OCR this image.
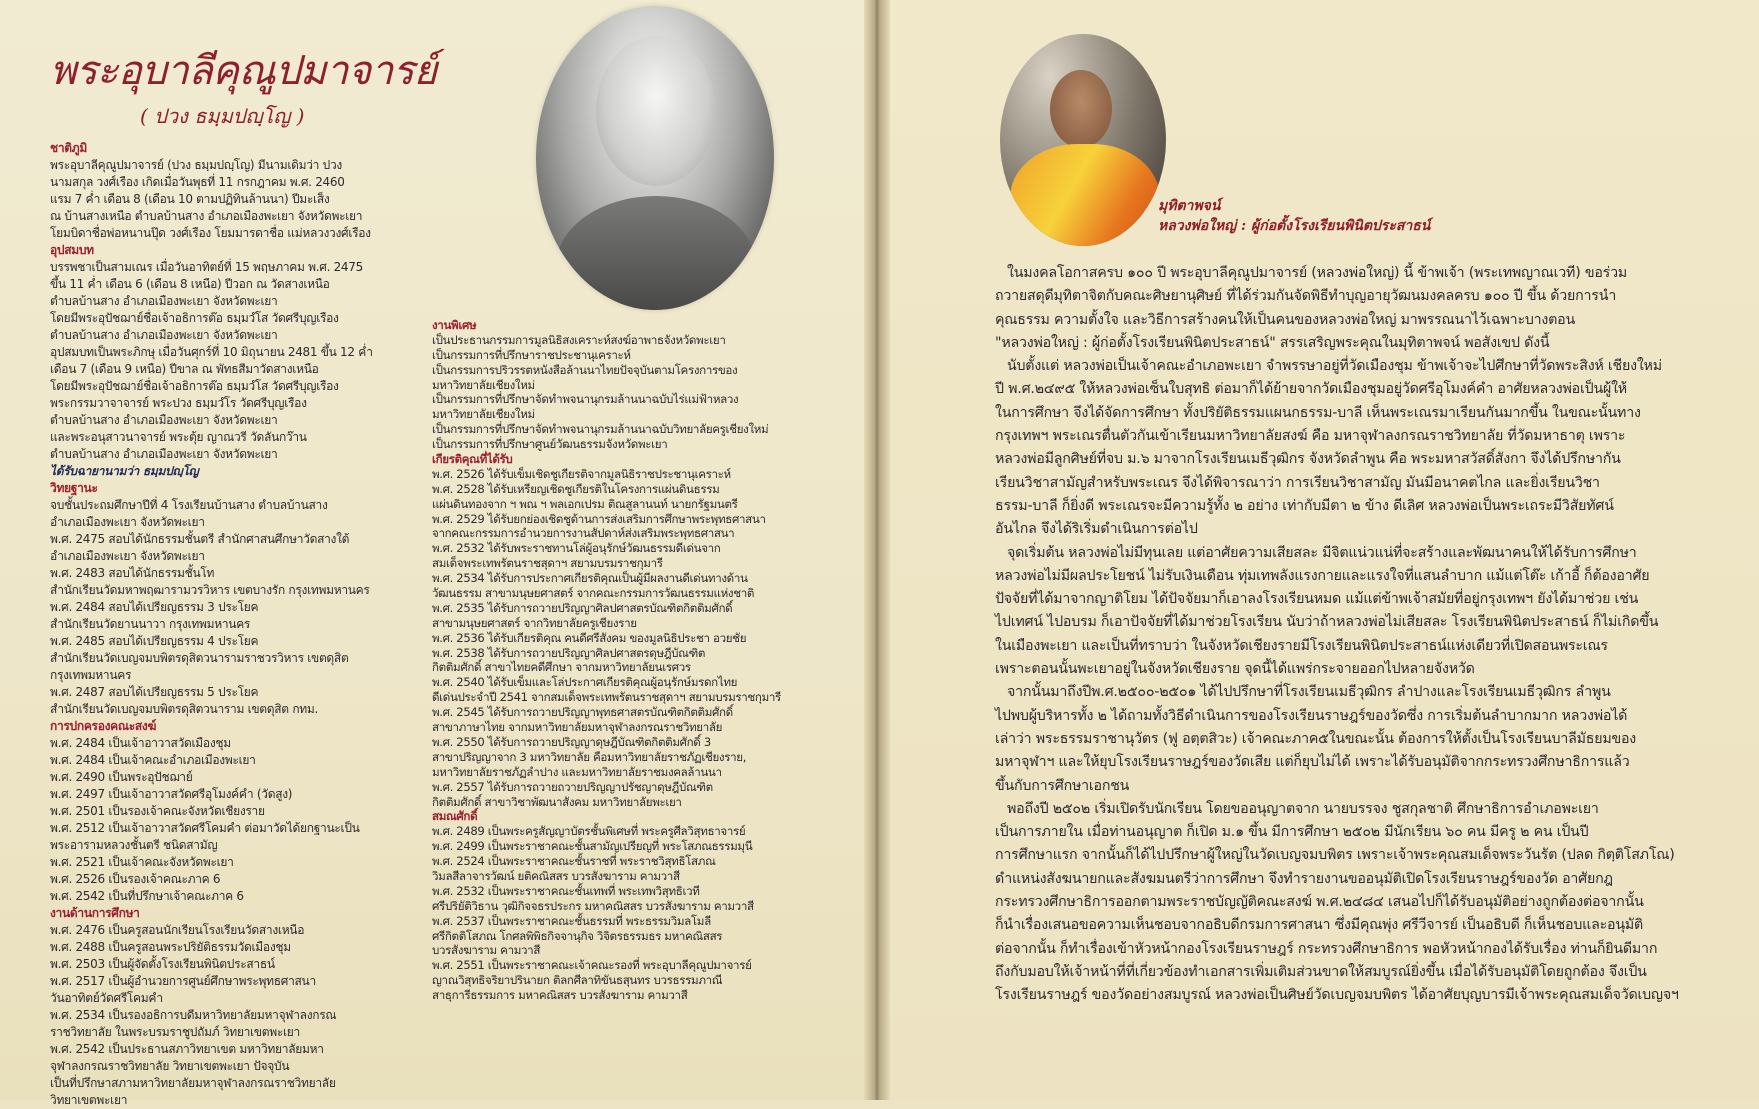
พระอุบาลีคุณูปมาจารย์
( ปวง ธมฺมปญฺโญ )
ชาติภูมิ
พระอุบาลีคุณูปมาจารย์ (ปวง ธมฺมปญฺโญ) มีนามเดิมว่า ปวง
นามสกุล วงศ์เรือง เกิดเมื่อวันพุธที่ 11 กรกฎาคม พ.ศ. 2460
แรม 7 ค่ำ เดือน 8 (เดือน 10 ตามปฏิทินล้านนา) ปีมะเส็ง
ณ บ้านสางเหนือ ตำบลบ้านสาง อำเภอเมืองพะเยา จังหวัดพะเยา
โยมบิดาชื่อพ่อหนานปุ๊ด วงศ์เรือง โยมมารดาชื่อ แม่หลวงวงศ์เรือง
อุปสมบท
บรรพชาเป็นสามเณร เมื่อวันอาทิตย์ที่ 15 พฤษภาคม พ.ศ. 2475
ขึ้น 11 ค่ำ เดือน 6 (เดือน 8 เหนือ) ปีวอก ณ วัดสางเหนือ
ตำบลบ้านสาง อำเภอเมืองพะเยา จังหวัดพะเยา
โดยมีพระอุปัชฌาย์ชื่อเจ้าอธิการต๊อ ธมฺมวํโส วัดศรีบุญเรือง
ตำบลบ้านสาง อำเภอเมืองพะเยา จังหวัดพะเยา
อุปสมบทเป็นพระภิกษุ เมื่อวันศุกร์ที่ 10 มิถุนายน 2481 ขึ้น 12 ค่ำ
เดือน 7 (เดือน 9 เหนือ) ปีขาล ณ พัทธสีมาวัดสางเหนือ
โดยมีพระอุปัชฌาย์ชื่อเจ้าอธิการต๊อ ธมฺมวํโส วัดศรีบุญเรือง
พระกรรมวาจาจารย์ พระปวง ธมฺมวํโร วัดศรีบุญเรือง
ตำบลบ้านสาง อำเภอเมืองพะเยา จังหวัดพะเยา
และพระอนุสาวนาจารย์ พระตุ้ย ญาณวรี วัดลันกว๊าน
ตำบลบ้านสาง อำเภอเมืองพะเยา จังหวัดพะเยา
ได้รับฉายานามว่า ธมฺมปญฺโญ
วิทยฐานะ
จบชั้นประถมศึกษาปีที่ 4 โรงเรียนบ้านสาง ตำบลบ้านสาง
อำเภอเมืองพะเยา จังหวัดพะเยา
พ.ศ. 2475 สอบได้นักธรรมชั้นตรี สำนักศาสนศึกษาวัดสางใต้
อำเภอเมืองพะเยา จังหวัดพะเยา
พ.ศ. 2483 สอบได้นักธรรมชั้นโท
สำนักเรียนวัดมหาพฤฒารามวรวิหาร เขตบางรัก กรุงเทพมหานคร
พ.ศ. 2484 สอบได้เปรียญธรรม 3 ประโยค
สำนักเรียนวัดยานนาวา กรุงเทพมหานคร
พ.ศ. 2485 สอบได้เปรียญธรรม 4 ประโยค
สำนักเรียนวัดเบญจมบพิตรดุสิตวนารามราชวรวิหาร เขตดุสิต
กรุงเทพมหานคร
พ.ศ. 2487 สอบได้เปรียญธรรม 5 ประโยค
สำนักเรียนวัดเบญจมบพิตรดุสิตวนาราม เขตดุสิต กทม.
การปกครองคณะสงฆ์
พ.ศ. 2484 เป็นเจ้าอาวาสวัดเมืองชุม
พ.ศ. 2484 เป็นเจ้าคณะอำเภอเมืองพะเยา
พ.ศ. 2490 เป็นพระอุปัชฌาย์
พ.ศ. 2497 เป็นเจ้าอาวาสวัดศรีอุโมงค์คำ (วัดสูง)
พ.ศ. 2501 เป็นรองเจ้าคณะจังหวัดเชียงราย
พ.ศ. 2512 เป็นเจ้าอาวาสวัดศรีโคมคำ ต่อมาวัดได้ยกฐานะเป็น
พระอารามหลวงชั้นตรี ชนิดสามัญ
พ.ศ. 2521 เป็นเจ้าคณะจังหวัดพะเยา
พ.ศ. 2526 เป็นรองเจ้าคณะภาค 6
พ.ศ. 2542 เป็นที่ปรึกษาเจ้าคณะภาค 6
งานด้านการศึกษา
พ.ศ. 2476 เป็นครูสอนนักเรียนโรงเรียนวัดสางเหนือ
พ.ศ. 2488 เป็นครูสอนพระปริยัติธรรมวัดเมืองชุม
พ.ศ. 2503 เป็นผู้จัดตั้งโรงเรียนพินิตประสาธน์
พ.ศ. 2517 เป็นผู้อำนวยการศูนย์ศึกษาพระพุทธศาสนา
วันอาทิตย์วัดศรีโคมคำ
พ.ศ. 2534 เป็นรองอธิการบดีมหาวิทยาลัยมหาจุฬาลงกรณ
ราชวิทยาลัย ในพระบรมราชูปถัมภ์ วิทยาเขตพะเยา
พ.ศ. 2542 เป็นประธานสภาวิทยาเขต มหาวิทยาลัยมหา
จุฬาลงกรณราชวิทยาลัย วิทยาเขตพะเยา ปัจจุบัน
เป็นที่ปรึกษาสภามหาวิทยาลัยมหาจุฬาลงกรณราชวิทยาลัย
วิทยาเขตพะเยา
งานพิเศษ
เป็นประธานกรรมการมูลนิธิสงเคราะห์สงฆ์อาพาธจังหวัดพะเยา
เป็นกรรมการที่ปรึกษาราชประชานุเคราะห์
เป็นกรรมการปริวรรตหนังสือล้านนาไทยปัจจุบันตามโครงการของ
มหาวิทยาลัยเชียงใหม่
เป็นกรรมการที่ปรึกษาจัดทำพจนานุกรมล้านนาฉบับไร่แม่ฟ้าหลวง
มหาวิทยาลัยเชียงใหม่
เป็นกรรมการที่ปรึกษาจัดทำพจนานุกรมล้านนาฉบับวิทยาลัยครูเชียงใหม่
เป็นกรรมการที่ปรึกษาศูนย์วัฒนธรรมจังหวัดพะเยา
เกียรติคุณที่ได้รับ
พ.ศ. 2526 ได้รับเข็มเชิดชูเกียรติจากมูลนิธิราชประชานุเคราะห์
พ.ศ. 2528 ได้รับเหรียญเชิดชูเกียรติในโครงการแผ่นดินธรรม
แผ่นดินทองจาก ฯ พณ ฯ พลเอกเปรม ติณสูลานนท์ นายกรัฐมนตรี
พ.ศ. 2529 ได้รับยกย่องเชิดชูด้านการส่งเสริมการศึกษาพระพุทธศาสนา
จากคณะกรรมการอำนวยการงานสัปดาห์ส่งเสริมพระพุทธศาสนา
พ.ศ. 2532 ได้รับพระราชทานโล่ผู้อนุรักษ์วัฒนธรรมดีเด่นจาก
สมเด็จพระเทพรัตนราชสุดาฯ สยามบรมราชกุมารี
พ.ศ. 2534 ได้รับการประกาศเกียรติคุณเป็นผู้มีผลงานดีเด่นทางด้าน
วัฒนธรรม สาขามนุษยศาสตร์ จากคณะกรรมการวัฒนธรรมแห่งชาติ
พ.ศ. 2535 ได้รับการถวายปริญญาศิลปศาสตรบัณฑิตกิตติมศักดิ์
สาขามนุษยศาสตร์ จากวิทยาลัยครูเชียงราย
พ.ศ. 2536 ได้รับเกียรติคุณ คนดีศรีสังคม ของมูลนิธิประชา อวยชัย
พ.ศ. 2538 ได้รับการถวายปริญญาศิลปศาสตรดุษฎีบัณฑิต
กิตติมศักดิ์ สาขาไทยคดีศึกษา จากมหาวิทยาลัยนเรศวร
พ.ศ. 2540 ได้รับเข็มและโล่ประกาศเกียรติคุณผู้อนุรักษ์มรดกไทย
ดีเด่นประจำปี 2541 จากสมเด็จพระเทพรัตนราชสุดาฯ สยามบรมราชกุมารี
พ.ศ. 2545 ได้รับการถวายปริญญาพุทธศาสตรบัณฑิตกิตติมศักดิ์
สาขาภาษาไทย จากมหาวิทยาลัยมหาจุฬาลงกรณราชวิทยาลัย
พ.ศ. 2550 ได้รับการถวายปริญญาดุษฎีบัณฑิตกิตติมศักดิ์ 3
สาขาปริญญาจาก 3 มหาวิทยาลัย คือมหาวิทยาลัยราชภัฏเชียงราย,
มหาวิทยาลัยราชภัฏลำปาง และมหาวิทยาลัยราชมงคลล้านนา
พ.ศ. 2557 ได้รับการถวายถวายปริญญาปรัชญาดุษฎีบัณฑิต
กิตติมศักดิ์ สาขาวิชาพัฒนาสังคม มหาวิทยาลัยพะเยา
สมณศักดิ์
พ.ศ. 2489 เป็นพระครูสัญญาบัตรชั้นพิเศษที่ พระครูศีลวิสุทธาจารย์
พ.ศ. 2499 เป็นพระราชาคณะชั้นสามัญเปรียญที่ พระโสภณธรรมมุนี
พ.ศ. 2524 เป็นพระราชาคณะชั้นราชที่ พระราชวิสุทธิโสภณ
วิมลสีลาจารวัฒน์ ยติคณิสสร บวรสังฆาราม คามวาสี
พ.ศ. 2532 เป็นพระราชาคณะชั้นเทพที่ พระเทพวิสุทธิเวที
ศรีปริยัติวิธาน วุฒิกิจจธรประกร มหาคณิสสร บวรสังฆาราม คามวาสี
พ.ศ. 2537 เป็นพระราชาคณะชั้นธรรมที่ พระธรรมวิมลโมลี
ศรีกิตติโสภณ โกศลพิพิธกิจจานุกิจ วิจิตรธรรมธร มหาคณิสสร
บวรสังฆาราม คามวาสี
พ.ศ. 2551 เป็นพระราชาคณะเจ้าคณะรองที่ พระอุบาลีคุณูปมาจารย์
ญาณวิสุทธิจริยาปรินายก ติลกศีลาทิขันธสุนทร บวรธรรมภาณี
สาธุการีธรรมการ มหาคณิสสร บวรสังฆาราม คามวาสี
มุทิตาพจน์
หลวงพ่อใหญ่ : ผู้ก่อตั้งโรงเรียนพินิตประสาธน์
ในมงคลโอกาสครบ ๑๐๐ ปี พระอุบาลีคุณูปมาจารย์ (หลวงพ่อใหญ่) นี้ ข้าพเจ้า (พระเทพญาณเวที) ขอร่วม
ถวายสดุดีมุทิตาจิตกับคณะศิษยานุศิษย์ ที่ได้ร่วมกันจัดพิธีทำบุญอายุวัฒนมงคลครบ ๑๐๐ ปี ขึ้น ด้วยการนำ
คุณธรรม ความตั้งใจ และวิธีการสร้างคนให้เป็นคนของหลวงพ่อใหญ่ มาพรรณนาไว้เฉพาะบางตอน
"หลวงพ่อใหญ่ : ผู้ก่อตั้งโรงเรียนพินิตประสาธน์" สรรเสริญพระคุณในมุทิตาพจน์ พอสังเขป ดังนี้
นับตั้งแต่ หลวงพ่อเป็นเจ้าคณะอำเภอพะเยา จำพรรษาอยู่ที่วัดเมืองชุม ข้าพเจ้าจะไปศึกษาที่วัดพระสิงห์ เชียงใหม่
ปี พ.ศ.๒๔๙๕ ให้หลวงพ่อเซ็นใบสุทธิ ต่อมาก็ได้ย้ายจากวัดเมืองชุมอยู่วัดศรีอุโมงค์คำ อาศัยหลวงพ่อเป็นผู้ให้
ในการศึกษา จึงได้จัดการศึกษา ทั้งปริยัติธรรมแผนกธรรม-บาลี เห็นพระเณรมาเรียนกันมากขึ้น ในขณะนั้นทาง
กรุงเทพฯ พระเณรตื่นตัวกันเข้าเรียนมหาวิทยาลัยสงฆ์ คือ มหาจุฬาลงกรณราชวิทยาลัย ที่วัดมหาธาตุ เพราะ
หลวงพ่อมีลูกศิษย์ที่จบ ม.๖ มาจากโรงเรียนเมธีวุฒิกร จังหวัดลำพูน คือ พระมหาสวัสดิ์สังกา จึงได้ปรึกษากัน
เรียนวิชาสามัญสำหรับพระเณร จึงได้พิจารณาว่า การเรียนวิชาสามัญ มันมีอนาคตไกล และยิ่งเรียนวิชา
ธรรม-บาลี ก็ยิ่งดี พระเณรจะมีความรู้ทั้ง ๒ อย่าง เท่ากับมีตา ๒ ข้าง ดีเลิศ หลวงพ่อเป็นพระเถระมีวิสัยทัศน์
อันไกล จึงได้ริเริ่มดำเนินการต่อไป
จุดเริ่มต้น หลวงพ่อไม่มีทุนเลย แต่อาศัยความเสียสละ มีจิตแน่วแน่ที่จะสร้างและพัฒนาคนให้ได้รับการศึกษา
หลวงพ่อไม่มีผลประโยชน์ ไม่รับเงินเดือน ทุ่มเทพลังแรงกายและแรงใจที่แสนลำบาก แม้แต่โต๊ะ เก้าอี้ ก็ต้องอาศัย
ปัจจัยที่ได้มาจากญาติโยม ได้ปัจจัยมาก็เอาลงโรงเรียนหมด แม้แต่ข้าพเจ้าสมัยที่อยู่กรุงเทพฯ ยังได้มาช่วย เช่น
ไปเทศน์ ไปอบรม ก็เอาปัจจัยที่ได้มาช่วยโรงเรียน นับว่าถ้าหลวงพ่อไม่เสียสละ โรงเรียนพินิตประสาธน์ ก็ไม่เกิดขึ้น
ในเมืองพะเยา และเป็นที่ทราบว่า ในจังหวัดเชียงรายมีโรงเรียนพินิตประสาธน์แห่งเดียวที่เปิดสอนพระเณร
เพราะตอนนั้นพะเยาอยู่ในจังหวัดเชียงราย จุดนี้ได้แพร่กระจายออกไปหลายจังหวัด
จากนั้นมาถึงปีพ.ศ.๒๕๐๐-๒๕๐๑ ได้ไปปรึกษาที่โรงเรียนเมธีวุฒิกร ลำปางและโรงเรียนเมธีวุฒิกร ลำพูน
ไปพบผู้บริหารทั้ง ๒ ได้ถามทั้งวิธีดำเนินการของโรงเรียนราษฎร์ของวัดซึ่ง การเริ่มต้นลำบากมาก หลวงพ่อได้
เล่าว่า พระธรรมราชานุวัตร (ฟู อตฺตสิวะ) เจ้าคณะภาค๕ในขณะนั้น ต้องการให้ตั้งเป็นโรงเรียนบาลีมัธยมของ
มหาจุฬาฯ และให้ยุบโรงเรียนราษฎร์ของวัดเสีย แต่ก็ยุบไม่ได้ เพราะได้รับอนุมัติจากกระทรวงศึกษาธิการแล้ว
ขึ้นกับการศึกษาเอกชน
พอถึงปี ๒๕๐๒ เริ่มเปิดรับนักเรียน โดยขออนุญาตจาก นายบรรจง ชูสกุลชาติ ศึกษาธิการอำเภอพะเยา
เป็นการภายใน เมื่อท่านอนุญาต ก็เปิด ม.๑ ขึ้น มีการศึกษา ๒๕๐๒ มีนักเรียน ๖๐ คน มีครู ๒ คน เป็นปี
การศึกษาแรก จากนั้นก็ได้ไปปรึกษาผู้ใหญ่ในวัดเบญจมบพิตร เพราะเจ้าพระคุณสมเด็จพระวันรัต (ปลด กิตฺติโสภโณ)
ดำแหน่งสังฆนายกและสังฆมนตรีว่าการศึกษา จึงทำรายงานขออนุมัติเปิดโรงเรียนราษฎร์ของวัด อาศัยกฎ
กระทรวงศึกษาธิการออกตามพระราชบัญญัติคณะสงฆ์ พ.ศ.๒๔๘๔ เสนอไปก็ได้รับอนุมัติอย่างถูกต้องต่อจากนั้น
ก็นำเรื่องเสนอขอความเห็นชอบจากอธิบดีกรมการศาสนา ซึ่งมีคุณพุ่ง ศรีวีจารย์ เป็นอธิบดี ก็เห็นชอบและอนุมัติ
ต่อจากนั้น ก็ทำเรื่องเข้าหัวหน้ากองโรงเรียนราษฎร์ กระทรวงศึกษาธิการ พอหัวหน้ากองได้รับเรื่อง ท่านก็ยินดีมาก
ถึงกับมอบให้เจ้าหน้าที่ที่เกี่ยวข้องทำเอกสารเพิ่มเติมส่วนขาดให้สมบูรณ์ยิ่งขึ้น เมื่อได้รับอนุมัติโดยถูกต้อง จึงเป็น
โรงเรียนราษฎร์ ของวัดอย่างสมบูรณ์ หลวงพ่อเป็นศิษย์วัดเบญจมบพิตร ได้อาศัยบุญบารมีเจ้าพระคุณสมเด็จวัดเบญจฯ
